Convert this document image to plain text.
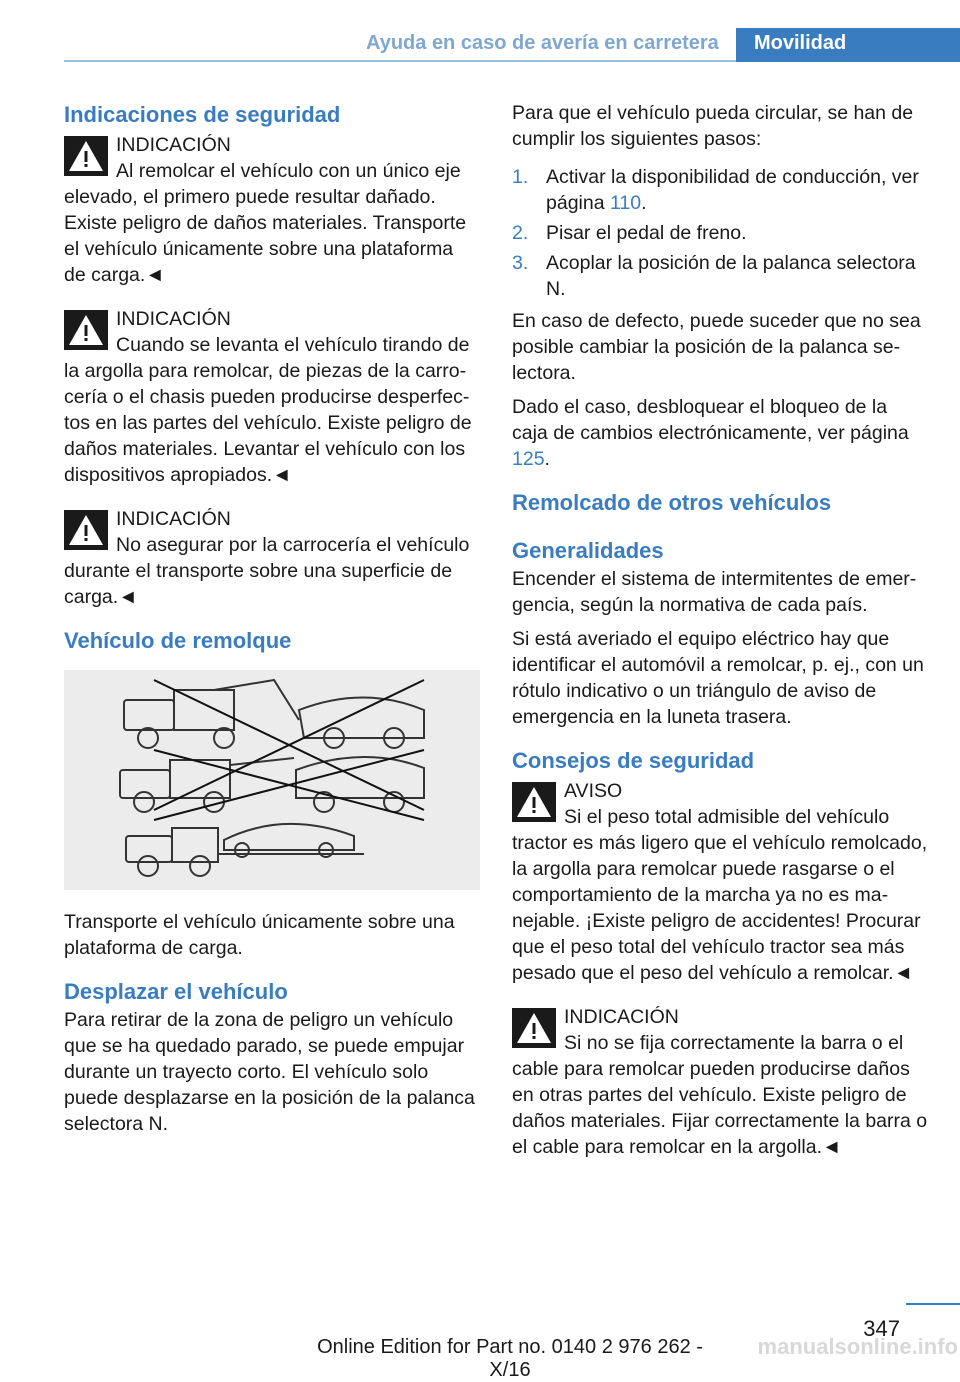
Ayuda en caso de avería en carretera	Movilidad
Indicaciones de seguridad
INDICACIÓN
Al remolcar el vehículo con un único eje elevado, el primero puede resultar dañado. Existe peligro de daños materiales. Transporte el vehículo únicamente sobre una plataforma de carga.◄
INDICACIÓN
Cuando se levanta el vehículo tirando de la argolla para remolcar, de piezas de la carrocería o el chasis pueden producirse desperfectos en las partes del vehículo. Existe peligro de daños materiales. Levantar el vehículo con los dispositivos apropiados.◄
INDICACIÓN
No asegurar por la carrocería el vehículo durante el transporte sobre una superficie de carga.◄
Vehículo de remolque

Transporte el vehículo únicamente sobre una plataforma de carga.

Desplazar el vehículo

Para retirar de la zona de peligro un vehículo que se ha quedado parado, se puede empujar durante un trayecto corto. El vehículo solo puede desplazarse en la posición de la palanca selectora N.

Para que el vehículo pueda circular, se han de cumplir los siguientes pasos:

1. Activar la disponibilidad de conducción, ver página 110.
2. Pisar el pedal de freno.
3. Acoplar la posición de la palanca selectora N.

En caso de defecto, puede suceder que no sea posible cambiar la posición de la palanca selectora.

Dado el caso, desbloquear el bloqueo de la caja de cambios electrónicamente, ver página 125.

Remolcado de otros vehículos
Generalidades

Encender el sistema de intermitentes de emergencia, según la normativa de cada país.

Si está averiado el equipo eléctrico hay que identificar el automóvil a remolcar, p. ej., con un rótulo indicativo o un triángulo de aviso de emergencia en la luneta trasera.

Consejos de seguridad
AVISO
Si el peso total admisible del vehículo tractor es más ligero que el vehículo remolcado, la argolla para remolcar puede rasgarse o el comportamiento de la marcha ya no es manejable. ¡Existe peligro de accidentes! Procurar que el peso total del vehículo tractor sea más pesado que el peso del vehículo a remolcar.◄
INDICACIÓN
Si no se fija correctamente la barra o el cable para remolcar pueden producirse daños en otras partes del vehículo. Existe peligro de daños materiales. Fijar correctamente la barra o el cable para remolcar en la argolla.◄
347
Online Edition for Part no. 0140 2 976 262 - X/16
manualsonline.info
